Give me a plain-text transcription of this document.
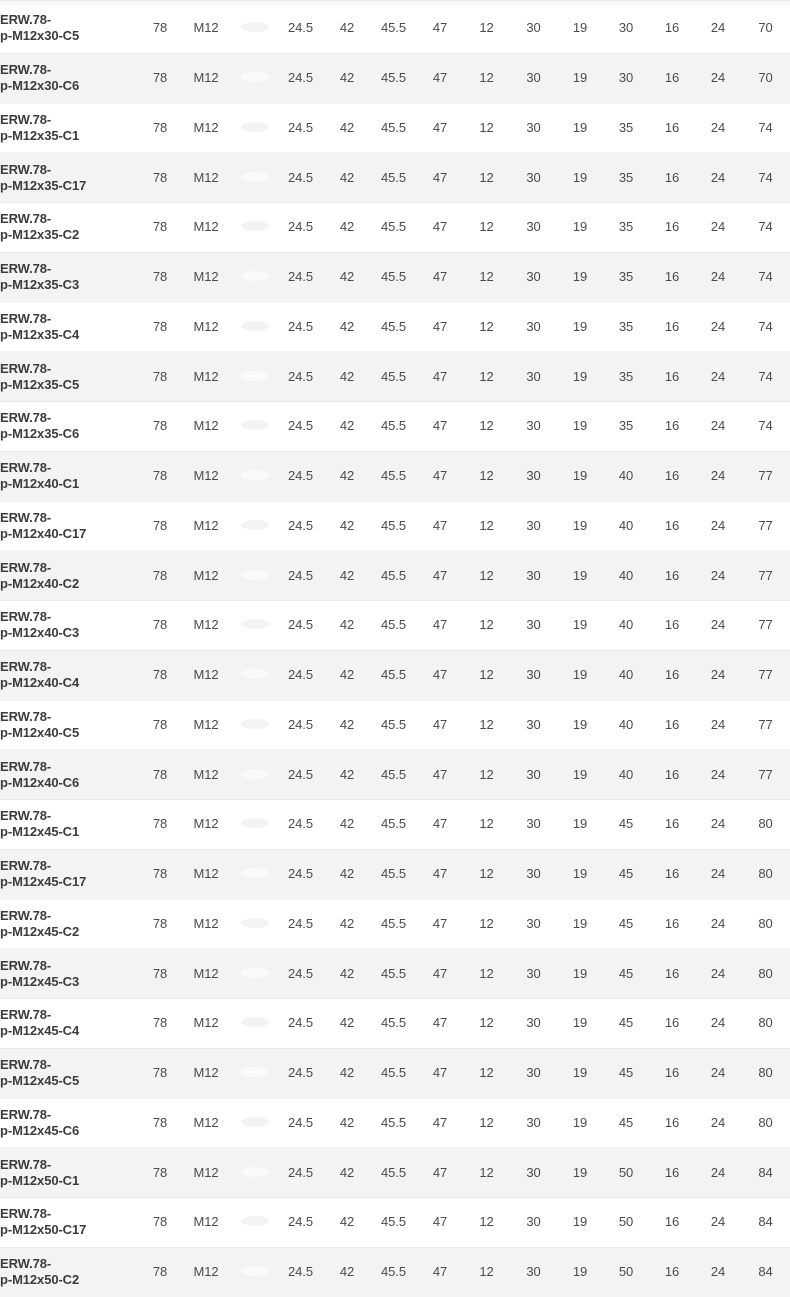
ERW.78-
p-M12x30-C5	78	M12		24.5	42	45.5	47	12	30	19	30	16	24	70

ERW.78-
p-M12x30-C6	78	M12		24.5	42	45.5	47	12	30	19	30	16	24	70

ERW.78-
p-M12x35-C1	78	M12		24.5	42	45.5	47	12	30	19	35	16	24	74

ERW.78-
p-M12x35-C17	78	M12		24.5	42	45.5	47	12	30	19	35	16	24	74

ERW.78-
p-M12x35-C2	78	M12		24.5	42	45.5	47	12	30	19	35	16	24	74

ERW.78-
p-M12x35-C3	78	M12		24.5	42	45.5	47	12	30	19	35	16	24	74

ERW.78-
p-M12x35-C4	78	M12		24.5	42	45.5	47	12	30	19	35	16	24	74

ERW.78-
p-M12x35-C5	78	M12		24.5	42	45.5	47	12	30	19	35	16	24	74

ERW.78-
p-M12x35-C6	78	M12		24.5	42	45.5	47	12	30	19	35	16	24	74

ERW.78-
p-M12x40-C1	78	M12		24.5	42	45.5	47	12	30	19	40	16	24	77

ERW.78-
p-M12x40-C17	78	M12		24.5	42	45.5	47	12	30	19	40	16	24	77

ERW.78-
p-M12x40-C2	78	M12		24.5	42	45.5	47	12	30	19	40	16	24	77

ERW.78-
p-M12x40-C3	78	M12		24.5	42	45.5	47	12	30	19	40	16	24	77

ERW.78-
p-M12x40-C4	78	M12		24.5	42	45.5	47	12	30	19	40	16	24	77

ERW.78-
p-M12x40-C5	78	M12		24.5	42	45.5	47	12	30	19	40	16	24	77

ERW.78-
p-M12x40-C6	78	M12		24.5	42	45.5	47	12	30	19	40	16	24	77

ERW.78-
p-M12x45-C1	78	M12		24.5	42	45.5	47	12	30	19	45	16	24	80

ERW.78-
p-M12x45-C17	78	M12		24.5	42	45.5	47	12	30	19	45	16	24	80

ERW.78-
p-M12x45-C2	78	M12		24.5	42	45.5	47	12	30	19	45	16	24	80

ERW.78-
p-M12x45-C3	78	M12		24.5	42	45.5	47	12	30	19	45	16	24	80

ERW.78-
p-M12x45-C4	78	M12		24.5	42	45.5	47	12	30	19	45	16	24	80

ERW.78-
p-M12x45-C5	78	M12		24.5	42	45.5	47	12	30	19	45	16	24	80

ERW.78-
p-M12x45-C6	78	M12		24.5	42	45.5	47	12	30	19	45	16	24	80

ERW.78-
p-M12x50-C1	78	M12		24.5	42	45.5	47	12	30	19	50	16	24	84

ERW.78-
p-M12x50-C17	78	M12		24.5	42	45.5	47	12	30	19	50	16	24	84

ERW.78-
p-M12x50-C2	78	M12		24.5	42	45.5	47	12	30	19	50	16	24	84
